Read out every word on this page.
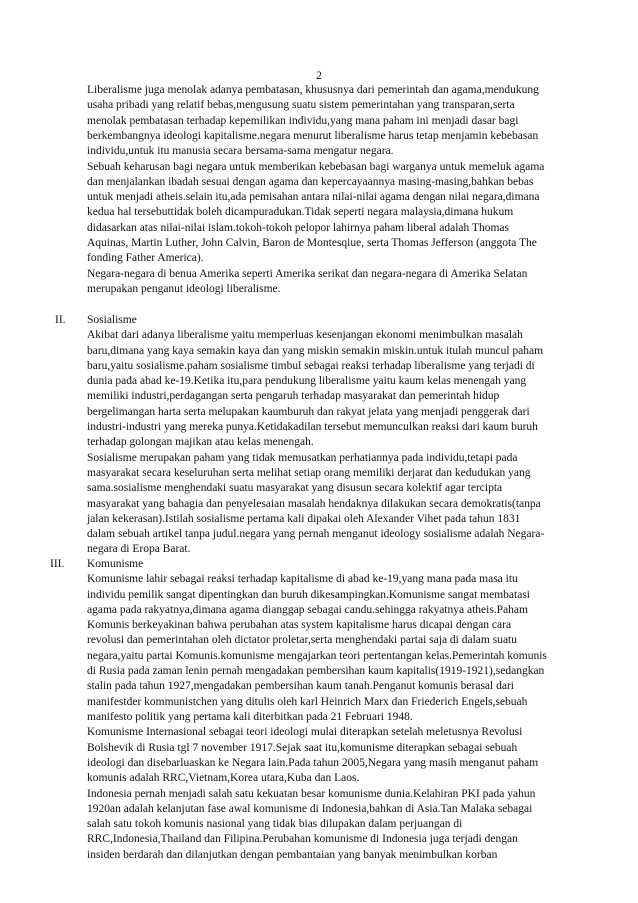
2
Liberalisme juga menolak adanya pembatasan, khususnya dari pemerintah dan agama,mendukung
usaha pribadi yang relatif bebas,mengusung suatu sistem pemerintahan yang transparan,serta
menolak pembatasan terhadap kepemilikan individu,yang mana paham ini menjadi dasar bagi
berkembangnya ideologi kapitalisme.negara menurut liberalisme harus tetap menjamin kebebasan
individu,untuk itu manusia secara bersama-sama mengatur negara.
Sebuah keharusan bagi negara untuk memberikan kebebasan bagi warganya untuk memeluk agama
dan menjalankan ibadah sesuai dengan agama dan kepercayaannya masing-masing,bahkan bebas
untuk menjadi atheis.selain itu,ada pemisahan antara nilai-nilai agama dengan nilai negara,dimana
kedua hal tersebuttidak boleh dicampuradukan.Tidak seperti negara malaysia,dimana hukum
didasarkan atas nilai-nilai islam.tokoh-tokoh pelopor lahirnya paham liberal adalah Thomas
Aquinas, Martin Luther, John Calvin, Baron de Montesqiue, serta Thomas Jefferson (anggota The
fonding Father America).
Negara-negara di benua Amerika seperti Amerika serikat dan negara-negara di Amerika Selatan
merupakan penganut ideologi liberalisme.
II. Sosialisme
Akibat dari adanya liberalisme yaitu memperluas kesenjangan ekonomi menimbulkan masalah
baru,dimana yang kaya semakin kaya dan yang miskin semakin miskin.untuk itulah muncul paham
baru,yaitu sosialisme.paham sosialisme timbul sebagai reaksi terhadap liberalisme yang terjadi di
dunia pada abad ke-19.Ketika itu,para pendukung liberalisme yaitu kaum kelas menengah yang
memiliki industri,perdagangan serta pengaruh terhadap masyarakat dan pemerintah hidup
bergelimangan harta serta melupakan kaumburuh dan rakyat jelata yang menjadi penggerak dari
industri-industri yang mereka punya.Ketidakadilan tersebut memunculkan reaksi dari kaum buruh
terhadap golongan majikan atau kelas menengah.
Sosialisme merupakan paham yang tidak memusatkan perhatiannya pada individu,tetapi pada
masyarakat secara keseluruhan serta melihat setiap orang memiliki derjarat dan kedudukan yang
sama.sosialisme menghendaki suatu masyarakat yang disusun secara kolektif agar tercipta
masyarakat yang bahagia dan penyelesaian masalah hendaknya dilakukan secara demokratis(tanpa
jalan kekerasan).Istilah sosialisme pertama kali dipakai oleh Alexander Vihet pada tahun 1831
dalam sebuah artikel tanpa judul.negara yang pernah menganut ideology sosialisme adalah Negara-
negara di Eropa Barat.
III. Komunisme
Komunisme lahir sebagai reaksi terhadap kapitalisme di abad ke-19,yang mana pada masa itu
individu pemilik sangat dipentingkan dan buruh dikesampingkan.Komunisme sangat membatasi
agama pada rakyatnya,dimana agama dianggap sebagai candu.sehingga rakyatnya atheis.Paham
Komunis berkeyakinan bahwa perubahan atas system kapitalisme harus dicapai dengan cara
revolusi dan pemerintahan oleh dictator proletar,serta menghendaki partai saja di dalam suatu
negara,yaitu partai Komunis.komunisme mengajarkan teori pertentangan kelas.Pemerintah komunis
di Rusia pada zaman lenin pernah mengadakan pembersihan kaum kapitalis(1919-1921),sedangkan
stalin pada tahun 1927,mengadakan pembersihan kaum tanah.Penganut komunis berasal dari
manifestder kommunistchen yang ditulis oleh karl Heinrich Marx dan Friederich Engels,sebuah
manifesto politik yang pertama kali diterbitkan pada 21 Februari 1948.
Komunisme Internasional sebagai teori ideologi mulai diterapkan setelah meletusnya Revolusi
Bolshevik di Rusia tgl 7 november 1917.Sejak saat itu,komunisme diterapkan sebagai sebuah
ideologi dan disebarluaskan ke Negara lain.Pada tahun 2005,Negara yang masih menganut paham
komunis adalah RRC,Vietnam,Korea utara,Kuba dan Laos.
Indonesia pernah menjadi salah satu kekuatan besar komunisme dunia.Kelahiran PKI pada yahun
1920an adalah kelanjutan fase awal komunisme di Indonesia,bahkan di Asia.Tan Malaka sebagai
salah satu tokoh komunis nasional yang tidak bias dilupakan dalam perjuangan di
RRC,Indonesia,Thailand dan Filipina.Perubahan komunisme di Indonesia juga terjadi dengan
insiden berdarah dan dilanjutkan dengan pembantaian yang banyak menimbulkan korban
